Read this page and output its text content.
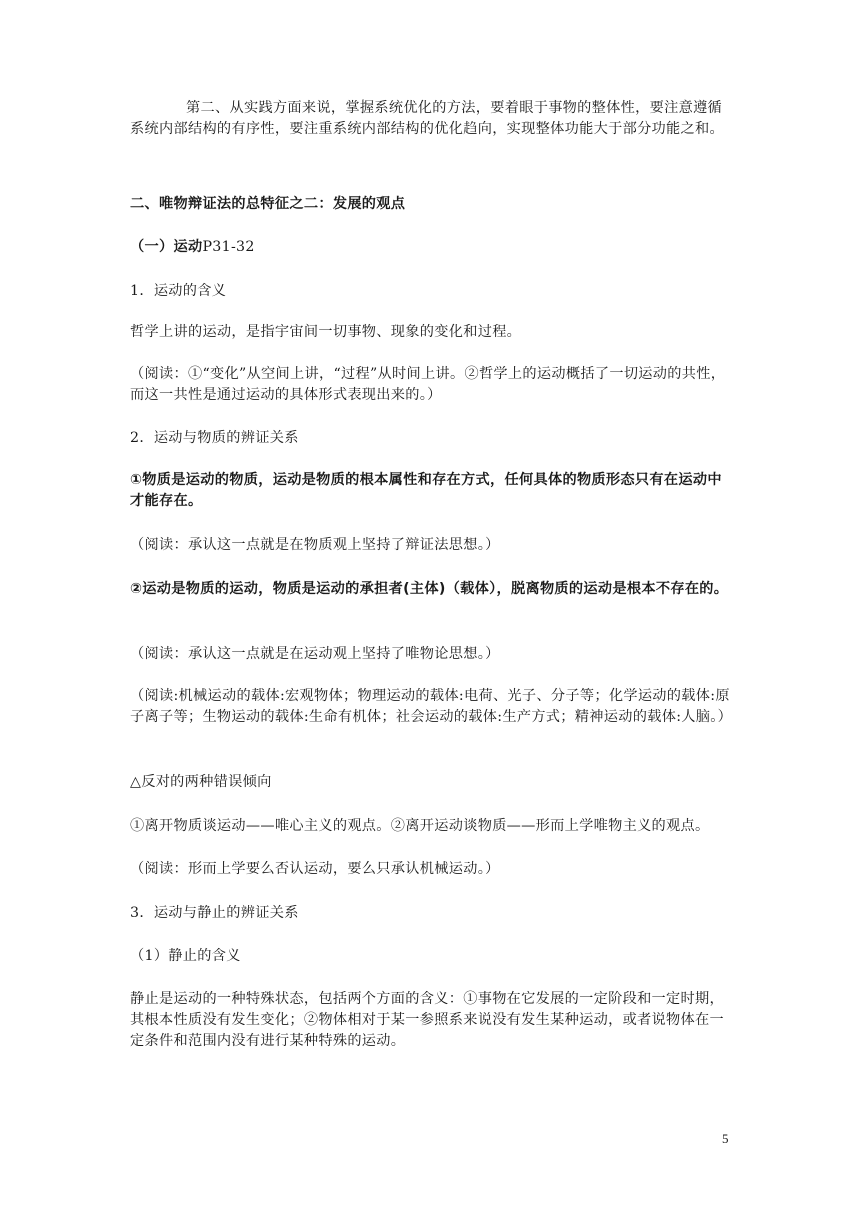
第二、从实践方面来说，掌握系统优化的方法，要着眼于事物的整体性，要注意遵循系统内部结构的有序性，要注重系统内部结构的优化趋向，实现整体功能大于部分功能之和。

二、唯物辩证法的总特征之二：发展的观点

（一）运动P31-32

1．运动的含义

哲学上讲的运动，是指宇宙间一切事物、现象的变化和过程。

（阅读：①“变化”从空间上讲，“过程”从时间上讲。②哲学上的运动概括了一切运动的共性，而这一共性是通过运动的具体形式表现出来的。）

2．运动与物质的辨证关系

①物质是运动的物质，运动是物质的根本属性和存在方式，任何具体的物质形态只有在运动中才能存在。

（阅读：承认这一点就是在物质观上坚持了辩证法思想。）

②运动是物质的运动，物质是运动的承担者(主体)（载体），脱离物质的运动是根本不存在的。

（阅读：承认这一点就是在运动观上坚持了唯物论思想。）

（阅读:机械运动的载体:宏观物体；物理运动的载体:电荷、光子、分子等；化学运动的载体:原子离子等；生物运动的载体:生命有机体；社会运动的载体:生产方式；精神运动的载体:人脑。）

△反对的两种错误倾向

①离开物质谈运动——唯心主义的观点。②离开运动谈物质——形而上学唯物主义的观点。

（阅读：形而上学要么否认运动，要么只承认机械运动。）

3．运动与静止的辨证关系

（1）静止的含义

静止是运动的一种特殊状态，包括两个方面的含义：①事物在它发展的一定阶段和一定时期，其根本性质没有发生变化；②物体相对于某一参照系来说没有发生某种运动，或者说物体在一定条件和范围内没有进行某种特殊的运动。

5
